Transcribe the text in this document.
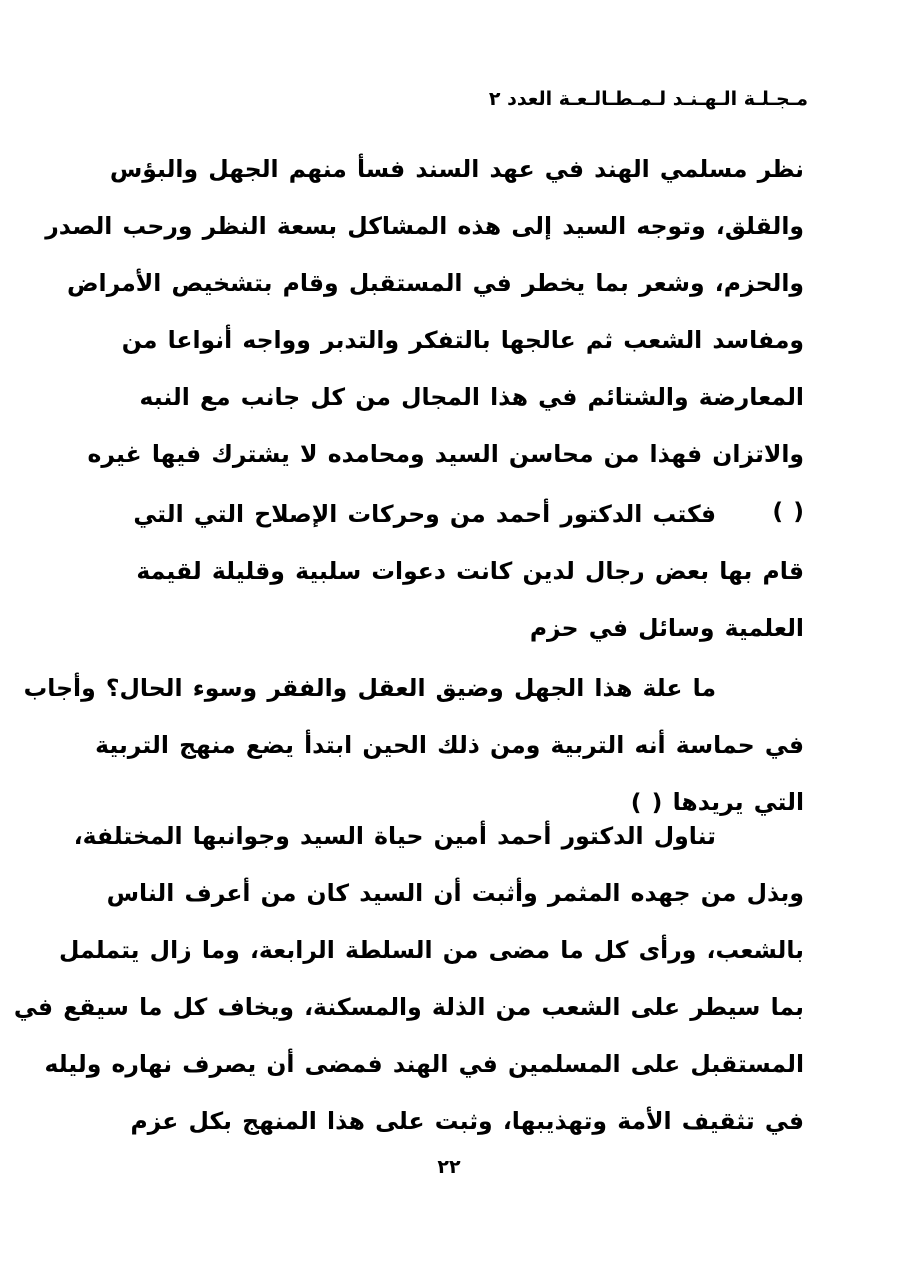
مـجـلـة الـهـنـد لـمـطـالـعـة العدد ٢
نظر مسلمي الهند في عهد السند فسأ منهم الجهل والبؤس
والقلق، وتوجه السيد إلى هذه المشاكل بسعة النظر ورحب الصدر
والحزم، وشعر بما يخطر في المستقبل وقام بتشخيص الأمراض
ومفاسد الشعب ثم عالجها بالتفكر والتدبر وواجه أنواعا من
المعارضة والشتائم في هذا المجال من كل جانب مع النبه
والاتزان فهذا من محاسن السيد ومحامده لا يشترك فيها غيره
( )
فكتب الدكتور أحمد من وحركات الإصلاح التي التي
قام بها بعض رجال لدين كانت دعوات سلبية وقليلة لقيمة
العلمية وسائل في حزم
ما علة هذا الجهل وضيق العقل والفقر وسوء الحال؟ وأجاب
في حماسة أنه التربية ومن ذلك الحين ابتدأ يضع منهج التربية
التي يريدها ( )
تناول الدكتور أحمد أمين حياة السيد وجوانبها المختلفة،
وبذل من جهده المثمر وأثبت أن السيد كان من أعرف الناس
بالشعب، ورأى كل ما مضى من السلطة الرابعة، وما زال يتململ
بما سيطر على الشعب من الذلة والمسكنة، ويخاف كل ما سيقع في
المستقبل على المسلمين في الهند فمضى أن يصرف نهاره وليله
في تثقيف الأمة وتهذيبها، وثبت على هذا المنهج بكل عزم
٢٢
